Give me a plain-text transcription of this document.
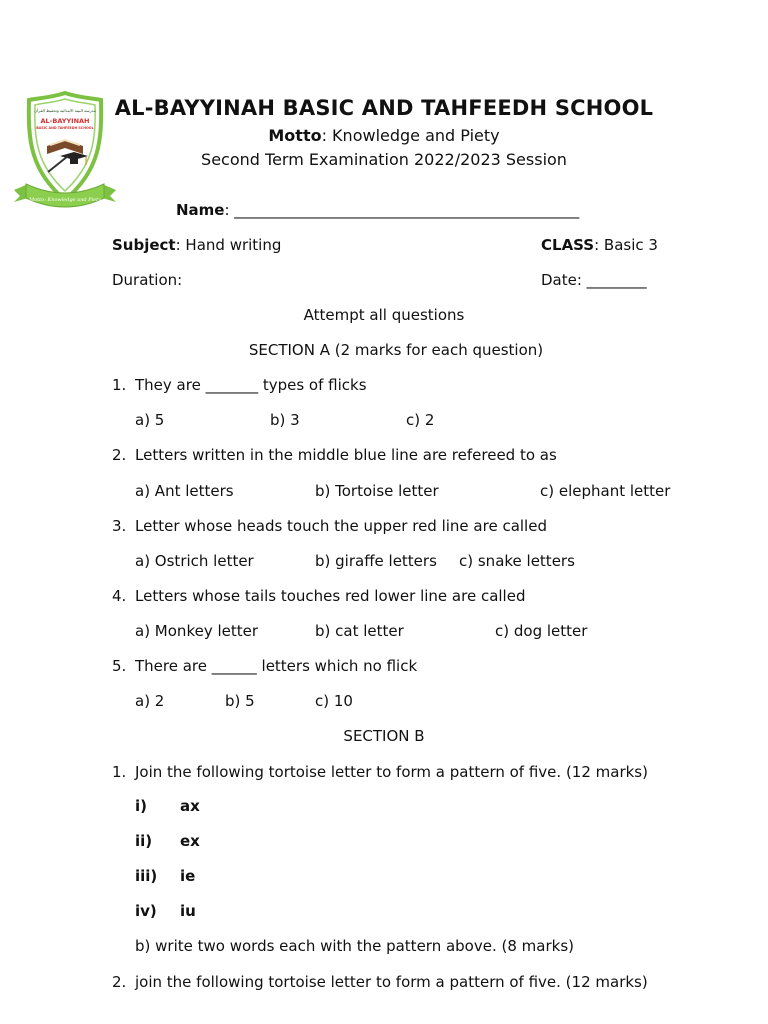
مدرسة البينة الابتدائية وتحفيظ القرآن
AL-BAYYINAH
BASIC AND TAHFEEDH SCHOOL
Motto: Knowledge and Piety
AL-BAYYINAH BASIC AND TAHFEEDH SCHOOL
Motto: Knowledge and Piety
Second Term Examination 2022/2023 Session
Name: ______________________________________________
Subject: Hand writing	CLASS: Basic 3
Duration:	Date: ________
Attempt all questions
SECTION A (2 marks for each question)
1. They are _______ types of flicks
a) 5	b) 3	c) 2
2. Letters written in the middle blue line are refereed to as
a) Ant letters	b) Tortoise letter	c) elephant letter
3. Letter whose heads touch the upper red line are called
a) Ostrich letter	b) giraffe letters c) snake letters
4. Letters whose tails touches red lower line are called
a) Monkey letter	b) cat letter	c) dog letter
5. There are ______ letters which no flick
a) 2	b) 5	c) 10
SECTION B
1. Join the following tortoise letter to form a pattern of five. (12 marks)
i) ax
ii) ex
iii) ie
iv) iu
b) write two words each with the pattern above. (8 marks)
2. join the following tortoise letter to form a pattern of five. (12 marks)
